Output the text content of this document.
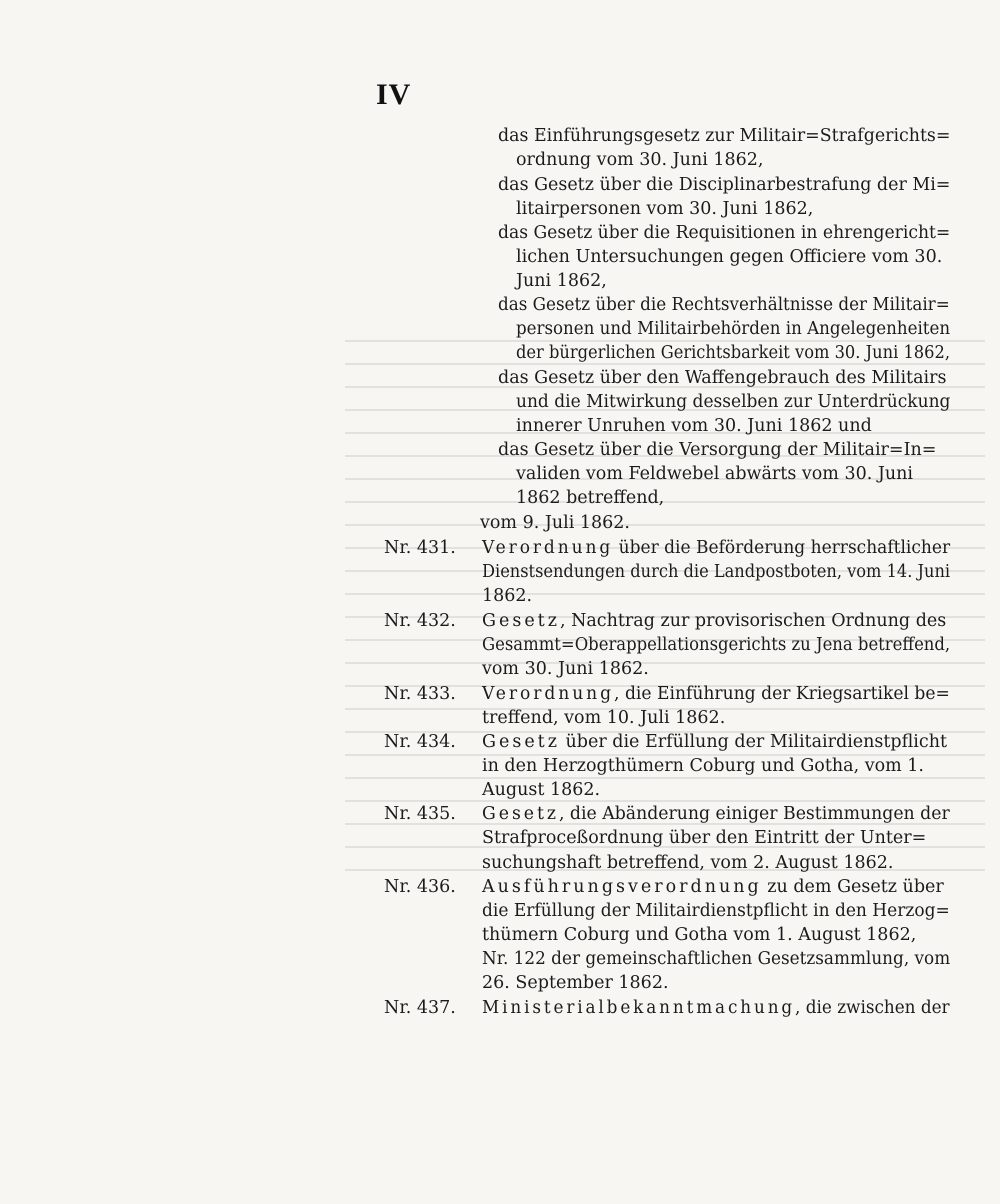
IV
das Einführungsgesetz zur Militair=Strafgerichts=
ordnung vom 30. Juni 1862,
das Gesetz über die Disciplinarbestrafung der Mi=
litairpersonen vom 30. Juni 1862,
das Gesetz über die Requisitionen in ehrengericht=
lichen Untersuchungen gegen Officiere vom 30.
Juni 1862,
das Gesetz über die Rechtsverhältnisse der Militair=
personen und Militairbehörden in Angelegenheiten
der bürgerlichen Gerichtsbarkeit vom 30. Juni 1862,
das Gesetz über den Waffengebrauch des Militairs
und die Mitwirkung desselben zur Unterdrückung
innerer Unruhen vom 30. Juni 1862 und
das Gesetz über die Versorgung der Militair=In=
validen vom Feldwebel abwärts vom 30. Juni
1862 betreffend,
vom 9. Juli 1862.
Nr. 431. Verordnung über die Beförderung herrschaftlicher
Dienstsendungen durch die Landpostboten, vom 14. Juni
1862.
Nr. 432. Gesetz, Nachtrag zur provisorischen Ordnung des
Gesammt=Oberappellationsgerichts zu Jena betreffend,
vom 30. Juni 1862.
Nr. 433. Verordnung, die Einführung der Kriegsartikel be=
treffend, vom 10. Juli 1862.
Nr. 434. Gesetz über die Erfüllung der Militairdienstpflicht
in den Herzogthümern Coburg und Gotha, vom 1.
August 1862.
Nr. 435. Gesetz, die Abänderung einiger Bestimmungen der
Strafproceßordnung über den Eintritt der Unter=
suchungshaft betreffend, vom 2. August 1862.
Nr. 436. Ausführungsverordnung zu dem Gesetz über
die Erfüllung der Militairdienstpflicht in den Herzog=
thümern Coburg und Gotha vom 1. August 1862,
Nr. 122 der gemeinschaftlichen Gesetzsammlung, vom
26. September 1862.
Nr. 437. Ministerialbekanntmachung, die zwischen der
